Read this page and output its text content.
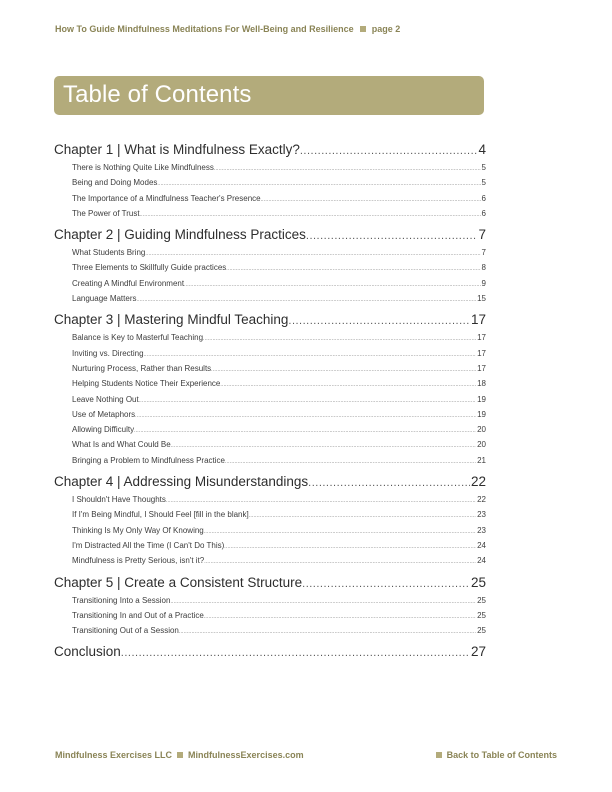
How To Guide Mindfulness Meditations For Well-Being and Resilience page 2
Table of Contents
Chapter 1 | What is Mindfulness Exactly? .....	4
There is Nothing Quite Like Mindfulness .....	5
Being and Doing Modes .....	5
The Importance of a Mindfulness Teacher's Presence .....	6
The Power of Trust .....	6
Chapter 2 | Guiding Mindfulness Practices .....	7
What Students Bring .....	7
Three Elements to Skillfully Guide practices .....	8
Creating A Mindful Environment .....	9
Language Matters .....	15
Chapter 3 | Mastering Mindful Teaching .....	17
Balance is Key to Masterful Teaching .....	17
Inviting vs. Directing .....	17
Nurturing Process, Rather than Results .....	17
Helping Students Notice Their Experience .....	18
Leave Nothing Out .....	19
Use of Metaphors .....	19
Allowing Difficulty .....	20
What Is and What Could Be .....	20
Bringing a Problem to Mindfulness Practice .....	21
Chapter 4 | Addressing Misunderstandings .....	22
I Shouldn't Have Thoughts .....	22
If I'm Being Mindful, I Should Feel [fill in the blank] .....	23
Thinking Is My Only Way Of Knowing .....	23
I'm Distracted All the Time (I Can't Do This) .....	24
Mindfulness is Pretty Serious, isn't it? .....	24
Chapter 5 | Create a Consistent Structure .....	25
Transitioning Into a Session .....	25
Transitioning In and Out of a Practice .....	25
Transitioning Out of a Session .....	25
Conclusion .....	27
Mindfulness Exercises LLC MindfulnessExercises.com	Back to Table of Contents
